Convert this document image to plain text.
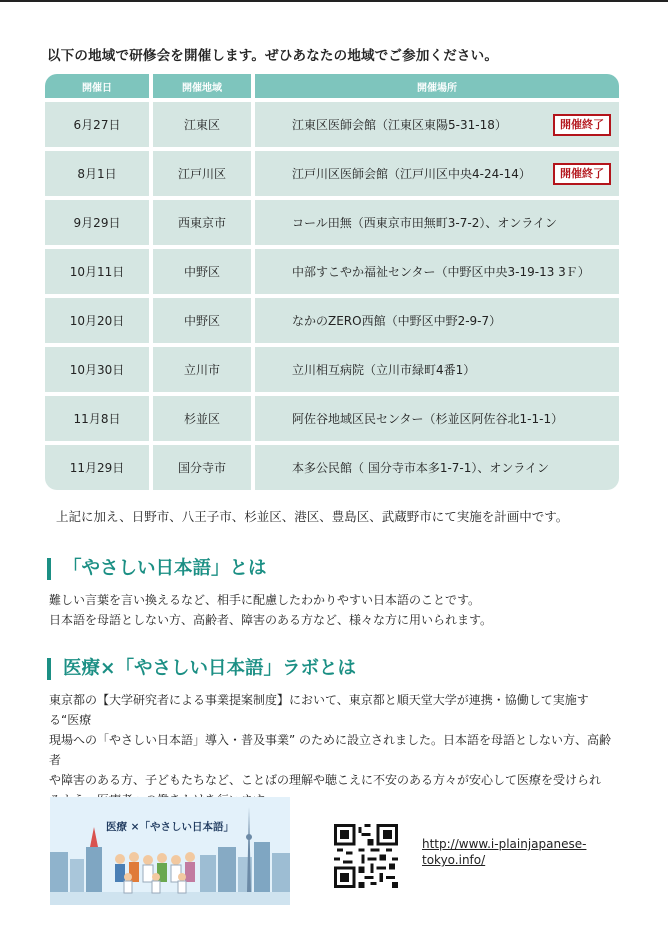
以下の地域で研修会を開催します。ぜひあなたの地域でご参加ください。
開催日	開催地域	開催場所
6月27日	江東区	江東区医師会館（江東区東陽5-31-18）	開催終了
8月1日	江戸川区	江戸川区医師会館（江戸川区中央4-24-14）	開催終了
9月29日	西東京市	コール田無（西東京市田無町3-7-2）、オンライン
10月11日	中野区	中部すこやか福祉センター（中野区中央3-19-13 3Ｆ）
10月20日	中野区	なかのZERO西館（中野区中野2-9-7）
10月30日	立川市	立川相互病院（立川市緑町4番1）
11月8日	杉並区	阿佐谷地域区民センター（杉並区阿佐谷北1-1-1）
11月29日	国分寺市	本多公民館（ 国分寺市本多1-7-1）、オンライン
上記に加え、日野市、八王子市、杉並区、港区、豊島区、武蔵野市にて実施を計画中です。
「やさしい日本語」とは
難しい言葉を言い換えるなど、相手に配慮したわかりやすい日本語のことです。
日本語を母語としない方、高齢者、障害のある方など、様々な方に用いられます。
医療×「やさしい日本語」ラボとは
東京都の【大学研究者による事業提案制度】において、東京都と順天堂大学が連携・協働して実施する“医療
現場への「やさしい日本語」導入・普及事業” のために設立されました。日本語を母語としない方、高齢者
や障害のある方、子どもたちなど、ことばの理解や聴こえに不安のある方々が安心して医療を受けられ
医療 ×「やさしい日本語」
http://www.i-plainjapanese-
tokyo.info/
